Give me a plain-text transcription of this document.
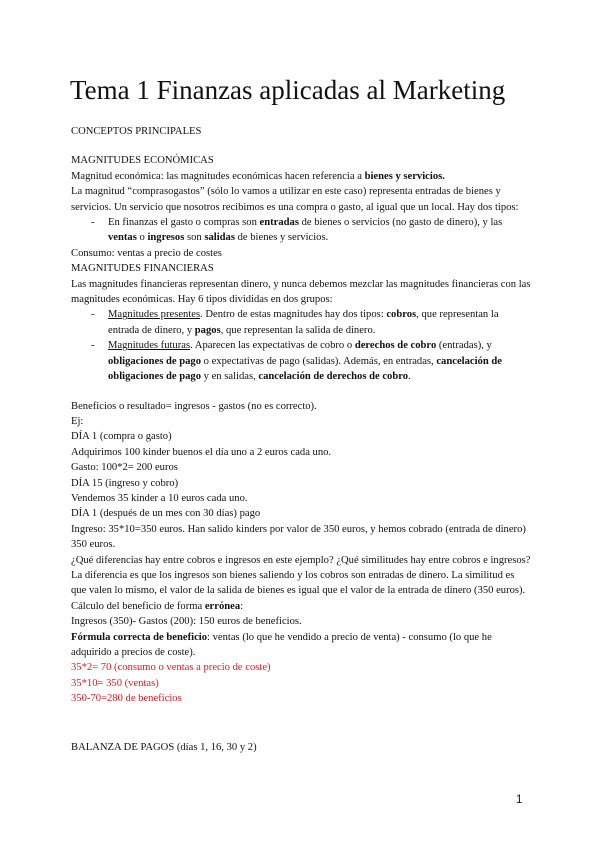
Tema 1 Finanzas aplicadas al Marketing

CONCEPTOS PRINCIPALES

MAGNITUDES ECONÓMICAS

Magnitud económica: las magnitudes económicas hacen referencia a bienes y servicios.

La magnitud “comprasogastos” (sólo lo vamos a utilizar en este caso) representa entradas de bienes y servicios. Un servicio que nosotros recibimos es una compra o gasto, al igual que un local. Hay dos tipos:

- En finanzas el gasto o compras son entradas de bienes o servicios (no gasto de dinero), y las ventas o ingresos son salidas de bienes y servicios.

Consumo: ventas a precio de costes

MAGNITUDES FINANCIERAS

Las magnitudes financieras representan dinero, y nunca debemos mezclar las magnitudes financieras con las magnitudes económicas. Hay 6 tipos divididas en dos grupos:

- Magnitudes presentes. Dentro de estas magnitudes hay dos tipos: cobros, que representan la entrada de dinero, y pagos, que representan la salida de dinero.
- Magnitudes futuras. Aparecen las expectativas de cobro o derechos de cobro (entradas), y obligaciones de pago o expectativas de pago (salidas). Además, en entradas, cancelación de obligaciones de pago y en salidas, cancelación de derechos de cobro.

Beneficios o resultado= ingresos - gastos (no es correcto).

Ej:

DÍA 1 (compra o gasto)

Adquirimos 100 kinder buenos el día uno a 2 euros cada uno.

Gasto: 100*2= 200 euros

DÍA 15 (ingreso y cobro)

Vendemos 35 kinder a 10 euros cada uno.

DÍA 1 (después de un mes con 30 días) pago

Ingreso: 35*10=350 euros. Han salido kinders por valor de 350 euros, y hemos cobrado (entrada de dinero) 350 euros.

¿Qué diferencias hay entre cobros e ingresos en este ejemplo? ¿Qué similitudes hay entre cobros e ingresos?

La diferencia es que los ingresos son bienes saliendo y los cobros son entradas de dinero. La similitud es que valen lo mismo, el valor de la salida de bienes es igual que el valor de la entrada de dinero (350 euros).

Cálculo del beneficio de forma errónea:

Ingresos (350)- Gastos (200): 150 euros de beneficios.

Fórmula correcta de beneficio: ventas (lo que he vendido a precio de venta) - consumo (lo que he adquirido a precios de coste).

35*2= 70 (consumo o ventas a precio de coste)

35*10= 350 (ventas)

350-70=280 de beneficios

BALANZA DE PAGOS (días 1, 16, 30 y 2)

1
